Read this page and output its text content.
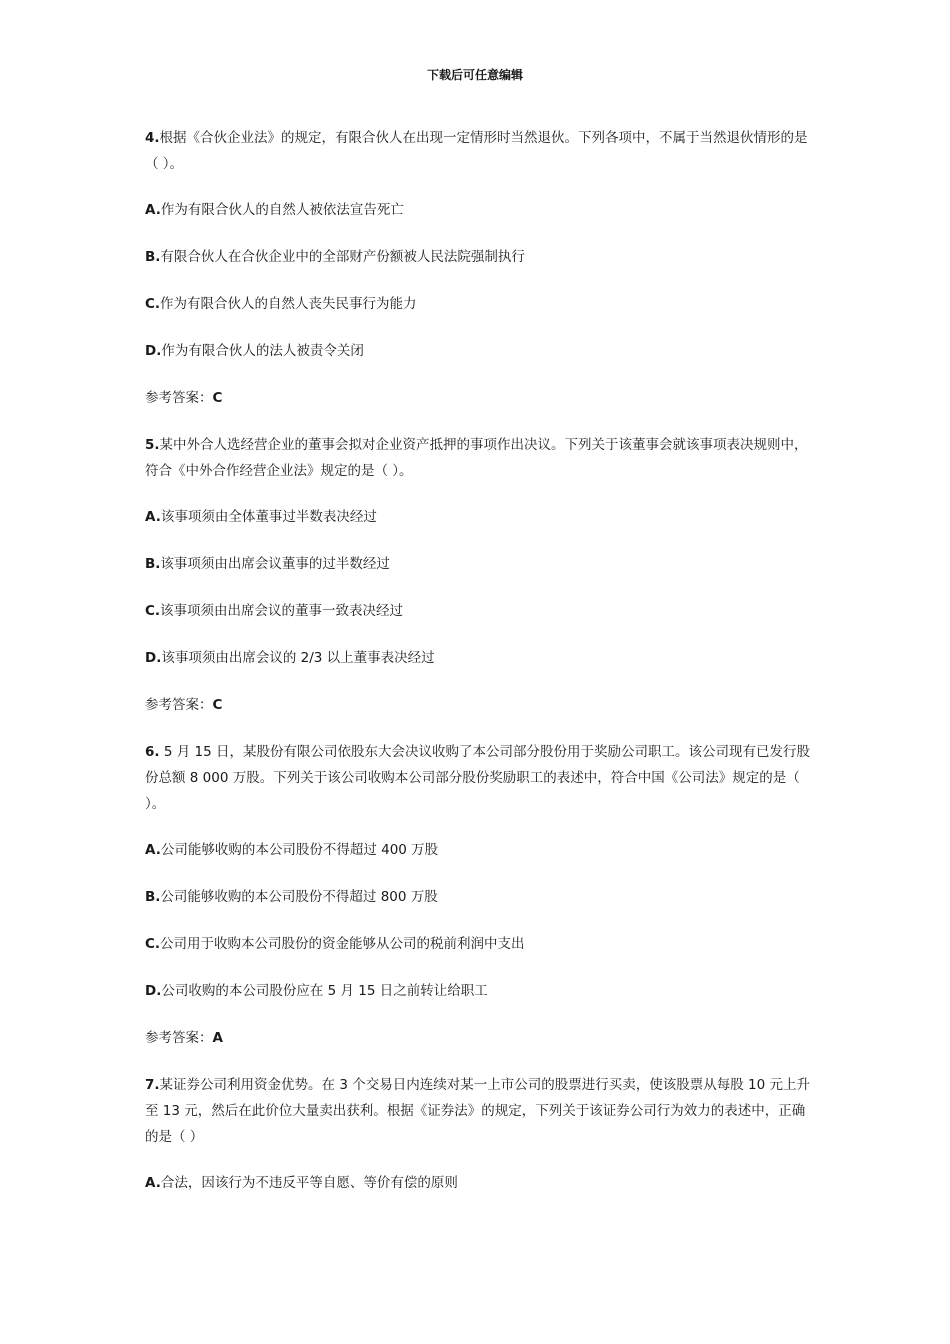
下载后可任意编辑

4.根据《合伙企业法》的规定，有限合伙人在出现一定情形时当然退伙。下列各项中，不属于当然退伙情形的是（ ）。

A.作为有限合伙人的自然人被依法宣告死亡

B.有限合伙人在合伙企业中的全部财产份额被人民法院强制执行

C.作为有限合伙人的自然人丧失民事行为能力

D.作为有限合伙人的法人被责令关闭

参考答案：C

5.某中外合人选经营企业的董事会拟对企业资产抵押的事项作出决议。下列关于该董事会就该事项表决规则中，符合《中外合作经营企业法》规定的是（ ）。

A.该事项须由全体董事过半数表决经过

B.该事项须由出席会议董事的过半数经过

C.该事项须由出席会议的董事一致表决经过

D.该事项须由出席会议的 2/3 以上董事表决经过

参考答案：C

6. 5 月 15 日，某股份有限公司依股东大会决议收购了本公司部分股份用于奖励公司职工。该公司现有已发行股份总额 8 000 万股。下列关于该公司收购本公司部分股份奖励职工的表述中，符合中国《公司法》规定的是（ ）。

A.公司能够收购的本公司股份不得超过 400 万股

B.公司能够收购的本公司股份不得超过 800 万股

C.公司用于收购本公司股份的资金能够从公司的税前利润中支出

D.公司收购的本公司股份应在 5 月 15 日之前转让给职工

参考答案：A

7.某证券公司利用资金优势。在 3 个交易日内连续对某一上市公司的股票进行买卖，使该股票从每股 10 元上升至 13 元，然后在此价位大量卖出获利。根据《证券法》的规定，下列关于该证券公司行为效力的表述中，正确的是（ ）

A.合法，因该行为不违反平等自愿、等价有偿的原则
